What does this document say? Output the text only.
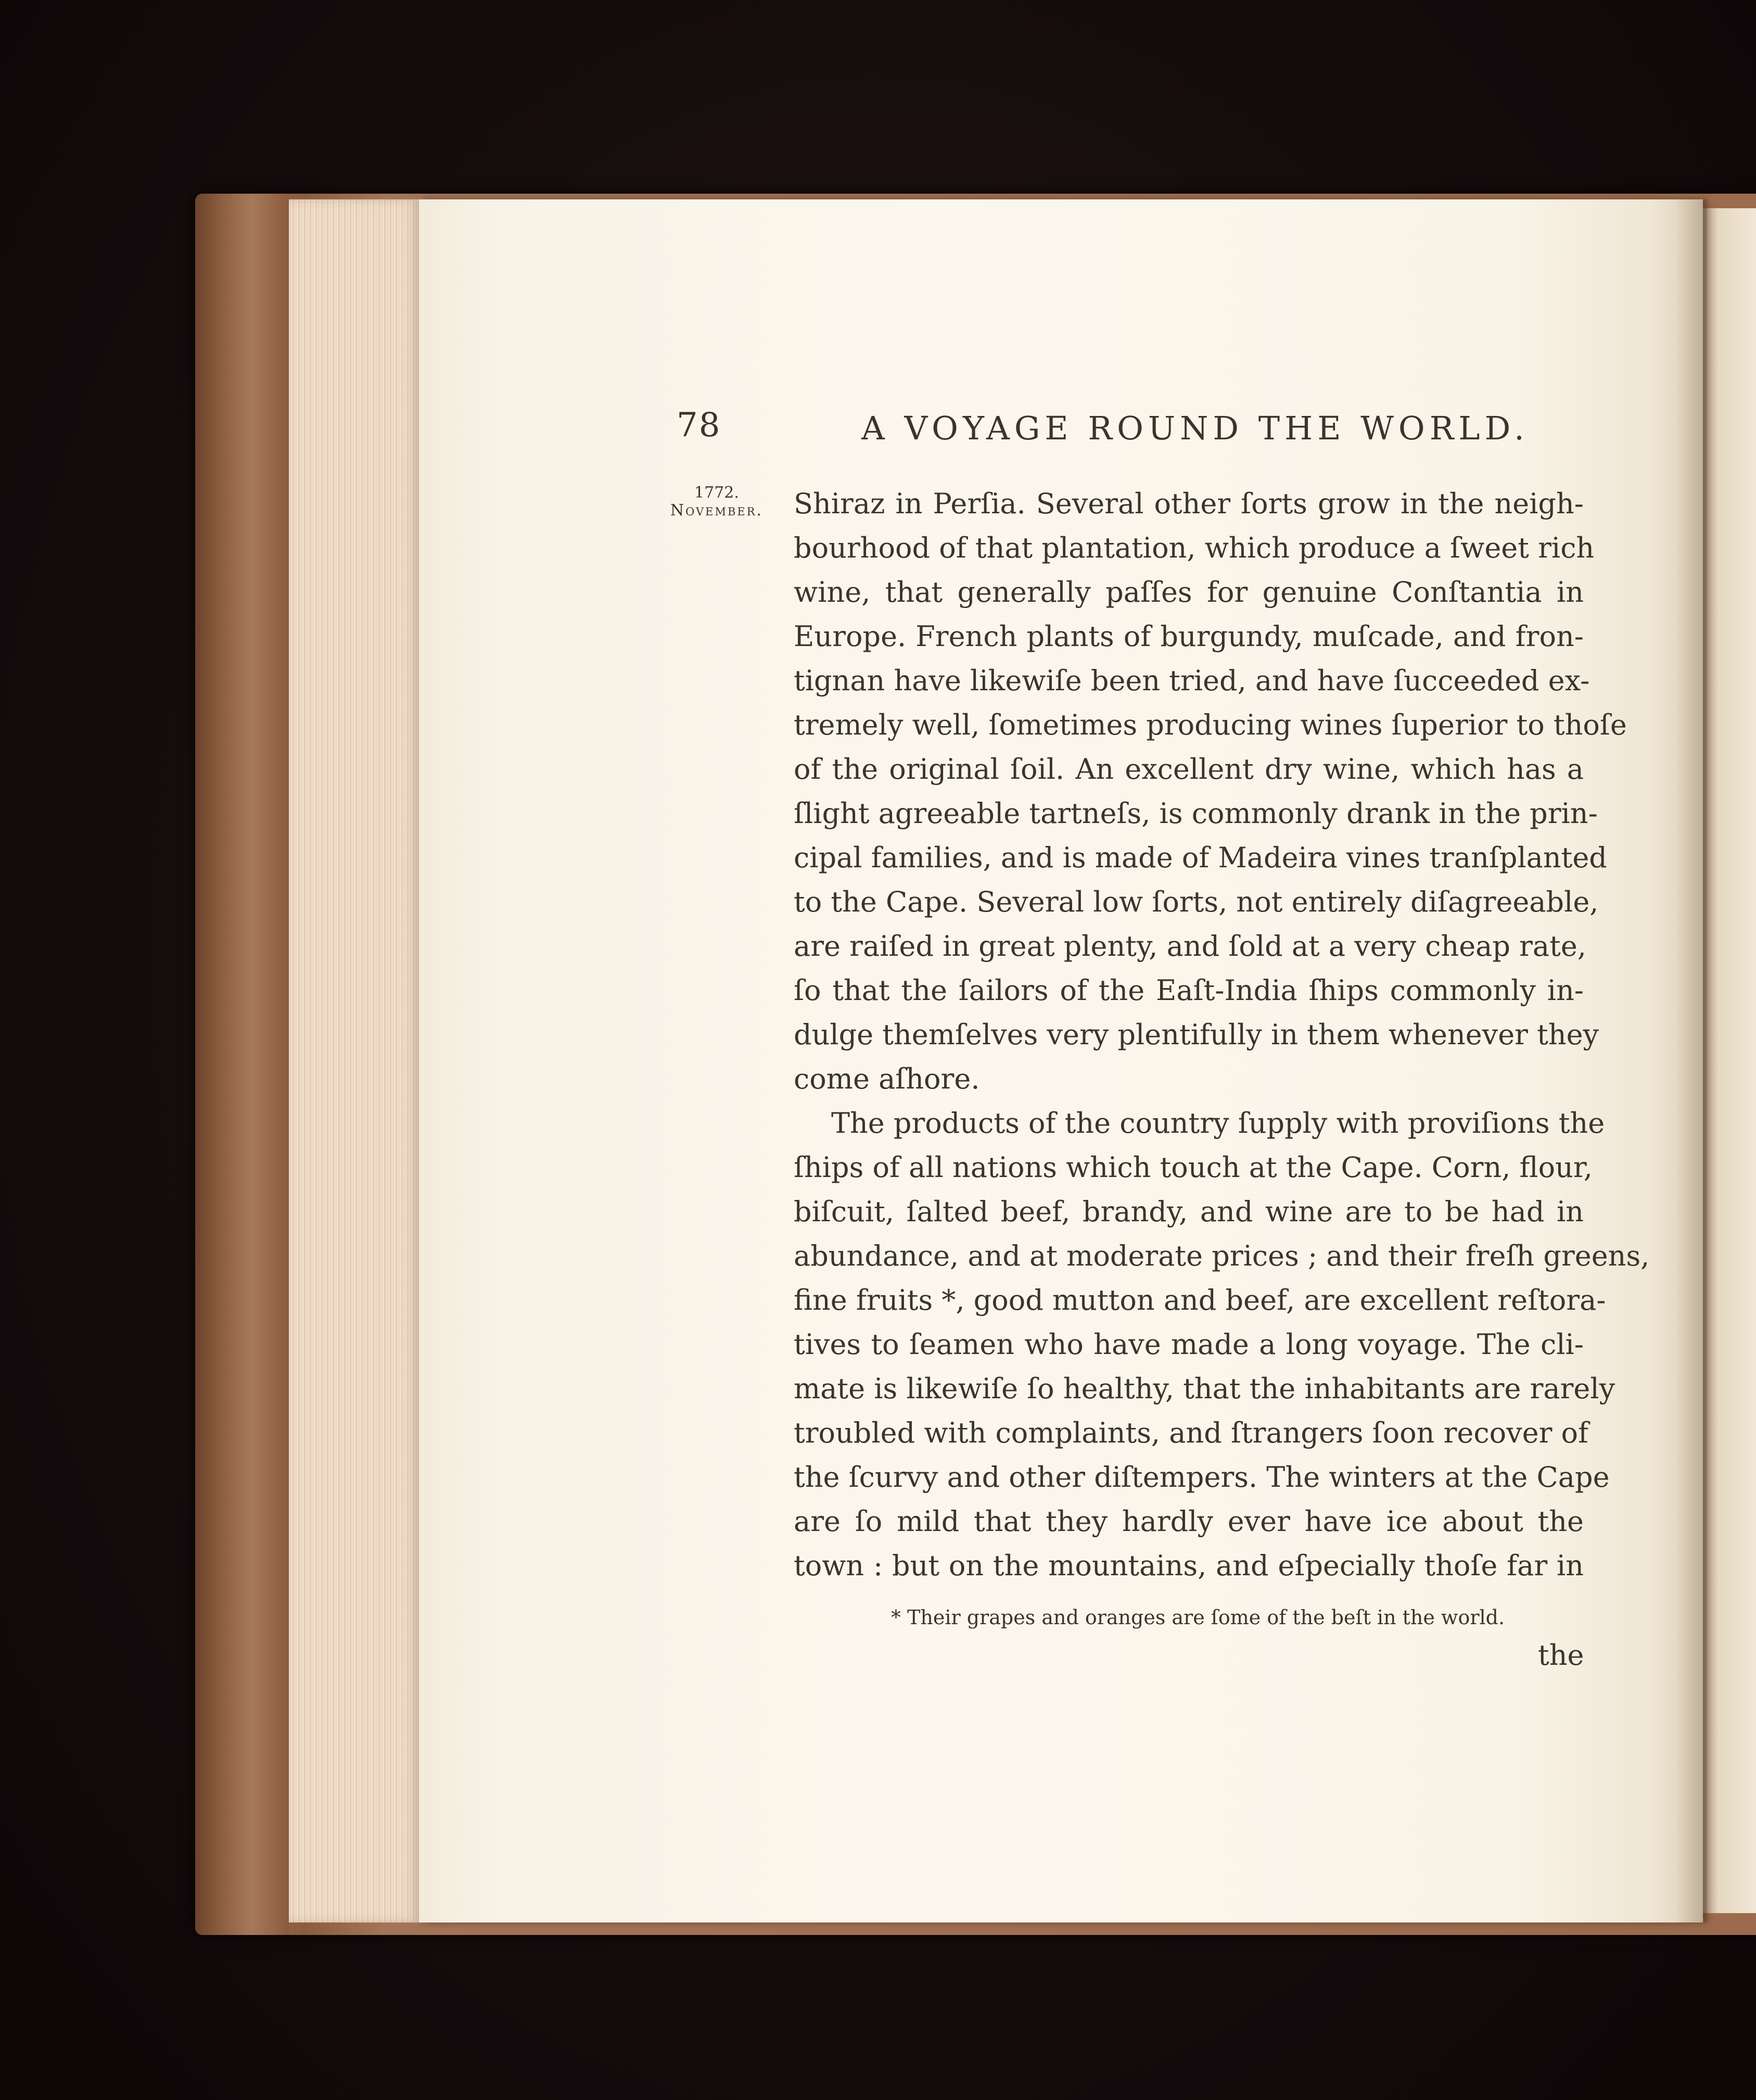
78	A VOYAGE ROUND THE WORLD.
1772.
November. Shiraz in Perſia. Several other ſorts grow in the neigh-
bourhood of that plantation, which produce a ſweet rich
wine, that generally paſſes for genuine Conſtantia in
Europe. French plants of burgundy, muſcade, and fron-
tignan have likewiſe been tried, and have ſucceeded ex-
tremely well, ſometimes producing wines ſuperior to thoſe
of the original ſoil. An excellent dry wine, which has a
ſlight agreeable tartneſs, is commonly drank in the prin-
cipal families, and is made of Madeira vines tranſplanted
to the Cape. Several low ſorts, not entirely diſagreeable,
are raiſed in great plenty, and ſold at a very cheap rate,
ſo that the ſailors of the Eaſt-India ſhips commonly in-
dulge themſelves very plentifully in them whenever they
come aſhore.
The products of the country ſupply with proviſions the
ſhips of all nations which touch at the Cape. Corn, flour,
biſcuit, ſalted beef, brandy, and wine are to be had in
abundance, and at moderate prices ; and their freſh greens,
fine fruits *, good mutton and beef, are excellent reſtora-
tives to ſeamen who have made a long voyage. The cli-
mate is likewiſe ſo healthy, that the inhabitants are rarely
troubled with complaints, and ſtrangers ſoon recover of
the ſcurvy and other diſtempers. The winters at the Cape
are ſo mild that they hardly ever have ice about the
town : but on the mountains, and eſpecially thoſe far in
* Their grapes and oranges are ſome of the beſt in the world.
the
